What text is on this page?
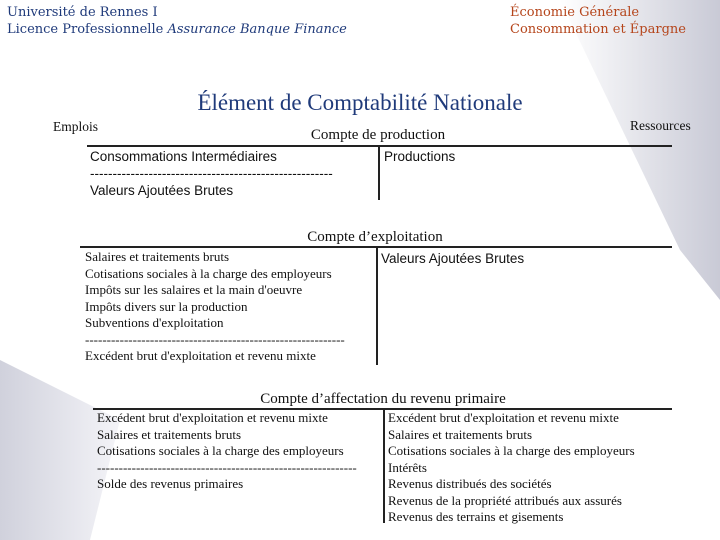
Université de Rennes I
Licence Professionnelle Assurance Banque Finance
Économie Générale
Consommation et Épargne
Élément de Comptabilité Nationale
Emplois	Ressources
Compte de production
Consommations Intermédiaires
------------------------------------------------------
Valeurs Ajoutées Brutes
Productions
Compte d’exploitation
Salaires et traitements bruts
Cotisations sociales à la charge des employeurs
Impôts sur les salaires et la main d'oeuvre
Impôts divers sur la production
Subventions d'exploitation
------------------------------------------------------------
Excédent brut d'exploitation et revenu mixte
Valeurs Ajoutées Brutes
Compte d’affectation du revenu primaire
Excédent brut d'exploitation et revenu mixte
Salaires et traitements bruts
Cotisations sociales à la charge des employeurs
------------------------------------------------------------
Solde des revenus primaires
Excédent brut d'exploitation et revenu mixte
Salaires et traitements bruts
Cotisations sociales à la charge des employeurs
Intérêts
Revenus distribués des sociétés
Revenus de la propriété attribués aux assurés
Revenus des terrains et gisements
